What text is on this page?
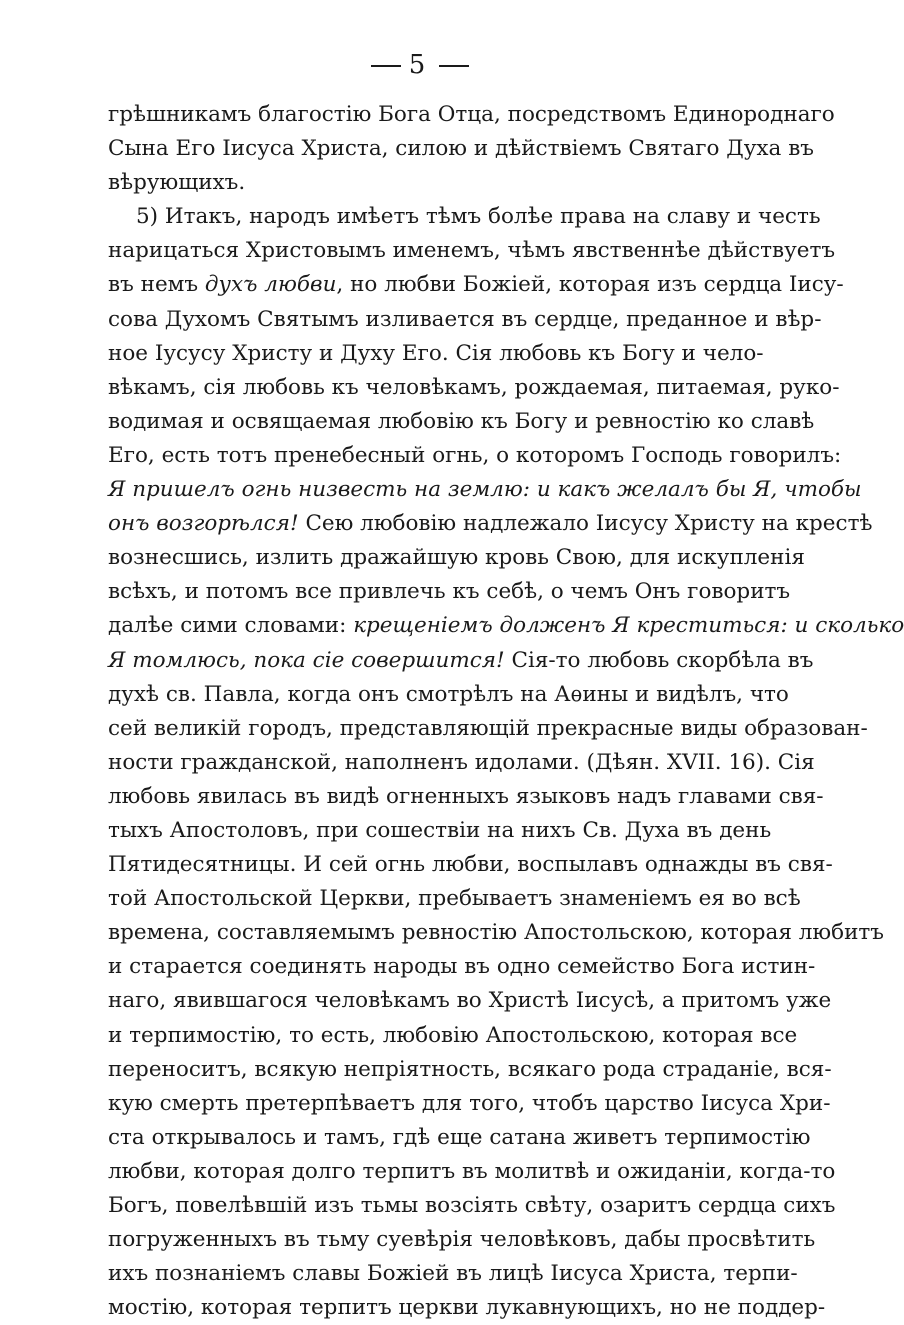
5
грѣшникамъ благостію Бога Отца, посредствомъ Единороднаго
Сына Его Іисуса Христа, силою и дѣйствіемъ Святаго Духа въ
вѣрующихъ.
5) Итакъ, народъ имѣетъ тѣмъ болѣе права на славу и честь
нарицаться Христовымъ именемъ, чѣмъ явственнѣе дѣйствуетъ
въ немъ духъ любви, но любви Божіей, которая изъ сердца Іису-
сова Духомъ Святымъ изливается въ сердце, преданное и вѣр-
ное Іусусу Христу и Духу Его. Сія любовь къ Богу и чело-
вѣкамъ, сія любовь къ человѣкамъ, рождаемая, питаемая, руко-
водимая и освящаемая любовію къ Богу и ревностію ко славѣ
Его, есть тотъ пренебесный огнь, о которомъ Господь говорилъ:
Я пришелъ огнь низвесть на землю: и какъ желалъ бы Я, чтобы
онъ возгорѣлся! Сею любовію надлежало Іисусу Христу на крестѣ
вознесшись, излить дражайшую кровь Свою, для искупленія
всѣхъ, и потомъ все привлечь къ себѣ, о чемъ Онъ говоритъ
далѣе сими словами: крещеніемъ долженъ Я креститься: и сколько
Я томлюсь, пока сіе совершится! Сія-то любовь скорбѣла въ
духѣ св. Павла, когда онъ смотрѣлъ на Аѳины и видѣлъ, что
сей великій городъ, представляющій прекрасные виды образован-
ности гражданской, наполненъ идолами. (Дѣян. XVII. 16). Сія
любовь явилась въ видѣ огненныхъ языковъ надъ главами свя-
тыхъ Апостоловъ, при сошествіи на нихъ Св. Духа въ день
Пятидесятницы. И сей огнь любви, воспылавъ однажды въ свя-
той Апостольской Церкви, пребываетъ знаменіемъ ея во всѣ
времена, составляемымъ ревностію Апостольскою, которая любитъ
и старается соединять народы въ одно семейство Бога истин-
наго, явившагося человѣкамъ во Христѣ Іисусѣ, а притомъ уже
и терпимостію, то есть, любовію Апостольскою, которая все
переноситъ, всякую непріятность, всякаго рода страданіе, вся-
кую смерть претерпѣваетъ для того, чтобъ царство Іисуса Хри-
ста открывалось и тамъ, гдѣ еще сатана живетъ терпимостію
любви, которая долго терпитъ въ молитвѣ и ожиданіи, когда-то
Богъ, повелѣвшій изъ тьмы возсіять свѣту, озаритъ сердца сихъ
погруженныхъ въ тьму суевѣрія человѣковъ, дабы просвѣтить
ихъ познаніемъ славы Божіей въ лицѣ Іисуса Христа, терпи-
мостію, которая терпитъ церкви лукавнующихъ, но не поддер-
